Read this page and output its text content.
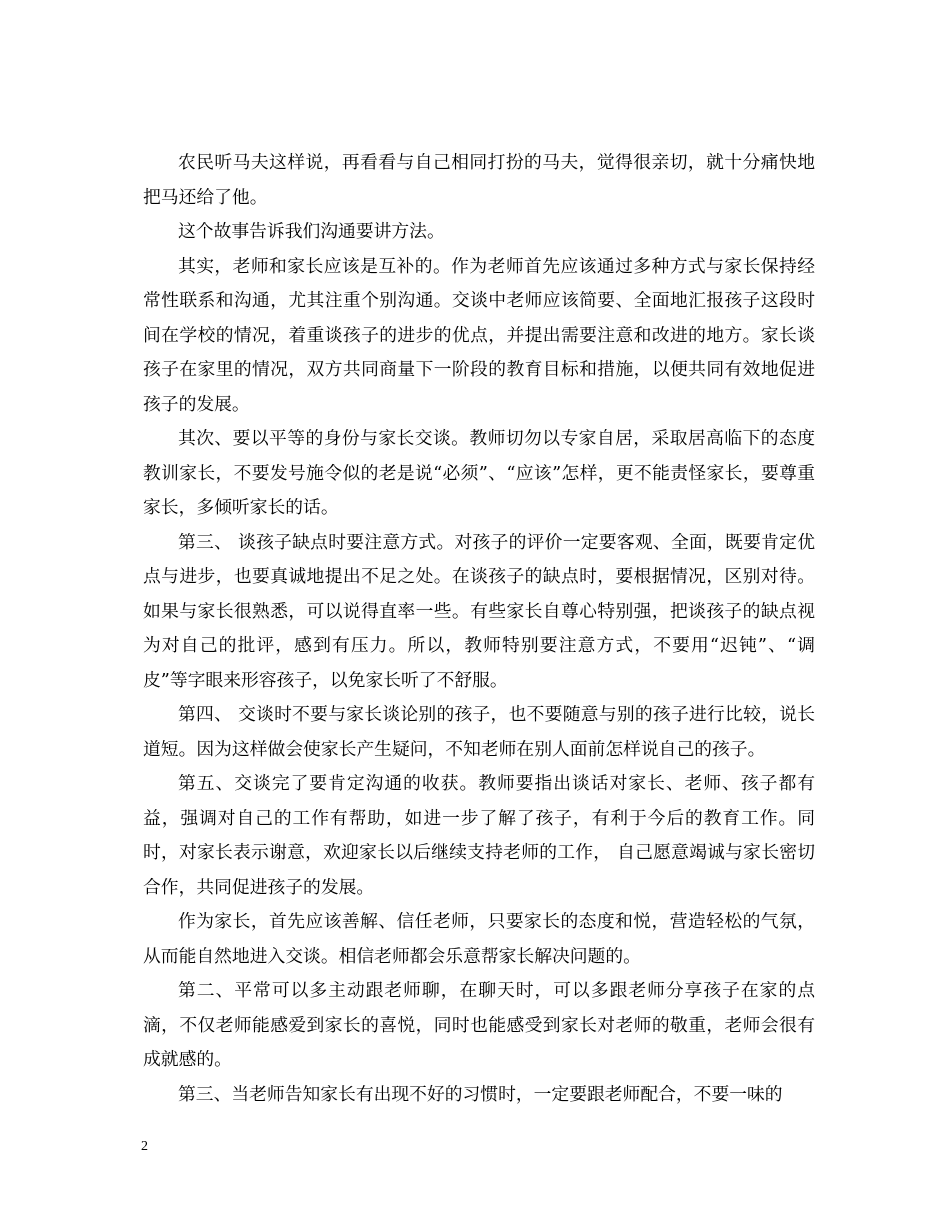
农民听马夫这样说，再看看与自己相同打扮的马夫，觉得很亲切，就十分痛快地把马还给了他。

这个故事告诉我们沟通要讲方法。

其实，老师和家长应该是互补的。作为老师首先应该通过多种方式与家长保持经常性联系和沟通，尤其注重个别沟通。交谈中老师应该简要、全面地汇报孩子这段时间在学校的情况，着重谈孩子的进步的优点，并提出需要注意和改进的地方。家长谈孩子在家里的情况，双方共同商量下一阶段的教育目标和措施，以便共同有效地促进孩子的发展。

其次、要以平等的身份与家长交谈。教师切勿以专家自居，采取居高临下的态度教训家长，不要发号施令似的老是说“必须”、“应该”怎样，更不能责怪家长，要尊重家长，多倾听家长的话。

第三、 谈孩子缺点时要注意方式。对孩子的评价一定要客观、全面，既要肯定优点与进步，也要真诚地提出不足之处。在谈孩子的缺点时，要根据情况，区别对待。如果与家长很熟悉，可以说得直率一些。有些家长自尊心特别强，把谈孩子的缺点视为对自己的批评，感到有压力。所以，教师特别要注意方式，不要用“迟钝”、“调皮”等字眼来形容孩子，以免家长听了不舒服。

第四、 交谈时不要与家长谈论别的孩子，也不要随意与别的孩子进行比较，说长道短。因为这样做会使家长产生疑问，不知老师在别人面前怎样说自己的孩子。

第五、交谈完了要肯定沟通的收获。教师要指出谈话对家长、老师、孩子都有益，强调对自己的工作有帮助，如进一步了解了孩子，有利于今后的教育工作。同时，对家长表示谢意，欢迎家长以后继续支持老师的工作， 自己愿意竭诚与家长密切合作，共同促进孩子的发展。

作为家长，首先应该善解、信任老师，只要家长的态度和悦，营造轻松的气氛，从而能自然地进入交谈。相信老师都会乐意帮家长解决问题的。

第二、平常可以多主动跟老师聊，在聊天时，可以多跟老师分享孩子在家的点滴，不仅老师能感爱到家长的喜悦，同时也能感受到家长对老师的敬重，老师会很有成就感的。

第三、当老师告知家长有出现不好的习惯时，一定要跟老师配合，不要一味的

2
